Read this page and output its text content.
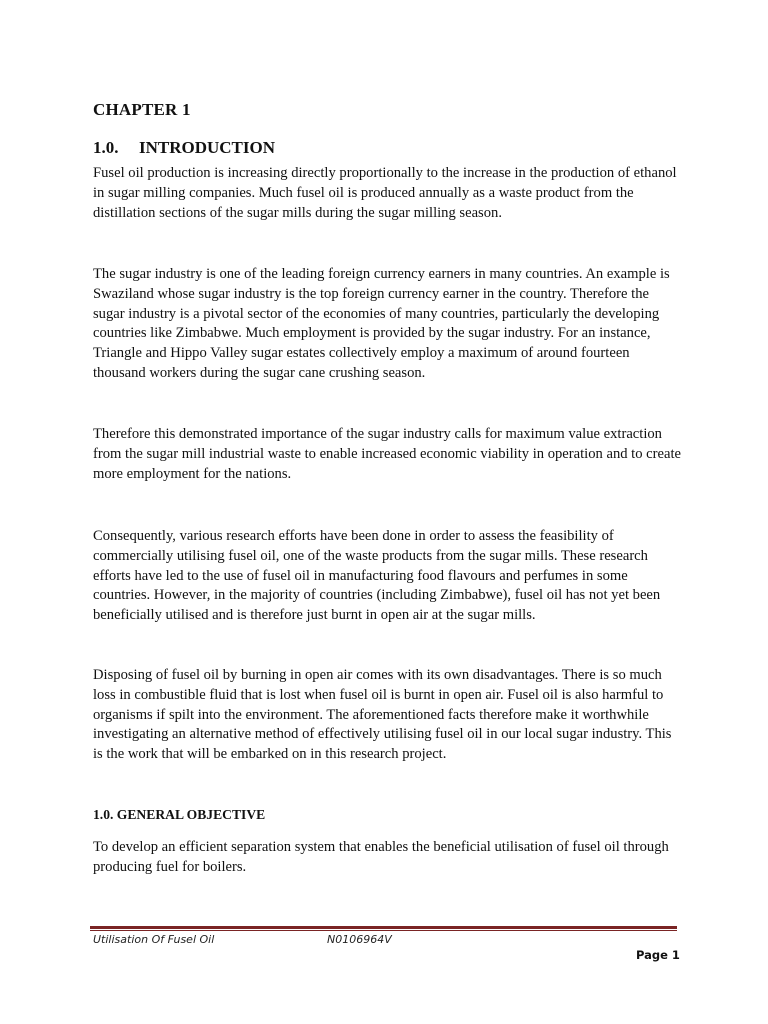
CHAPTER 1
1.0. INTRODUCTION

Fusel oil production is increasing directly proportionally to the increase in the production of ethanol in sugar milling companies. Much fusel oil is produced annually as a waste product from the distillation sections of the sugar mills during the sugar milling season.

The sugar industry is one of the leading foreign currency earners in many countries. An example is Swaziland whose sugar industry is the top foreign currency earner in the country. Therefore the sugar industry is a pivotal sector of the economies of many countries, particularly the developing countries like Zimbabwe. Much employment is provided by the sugar industry. For an instance, Triangle and Hippo Valley sugar estates collectively employ a maximum of around fourteen thousand workers during the sugar cane crushing season.

Therefore this demonstrated importance of the sugar industry calls for maximum value extraction from the sugar mill industrial waste to enable increased economic viability in operation and to create more employment for the nations.

Consequently, various research efforts have been done in order to assess the feasibility of commercially utilising fusel oil, one of the waste products from the sugar mills. These research efforts have led to the use of fusel oil in manufacturing food flavours and perfumes in some countries. However, in the majority of countries (including Zimbabwe), fusel oil has not yet been beneficially utilised and is therefore just burnt in open air at the sugar mills.

Disposing of fusel oil by burning in open air comes with its own disadvantages. There is so much loss in combustible fluid that is lost when fusel oil is burnt in open air. Fusel oil is also harmful to organisms if spilt into the environment. The aforementioned facts therefore make it worthwhile investigating an alternative method of effectively utilising fusel oil in our local sugar industry. This is the work that will be embarked on in this research project.

1.0. GENERAL OBJECTIVE

To develop an efficient separation system that enables the beneficial utilisation of fusel oil through producing fuel for boilers.

Utilisation Of Fusel Oil	N0106964V
Page 1
